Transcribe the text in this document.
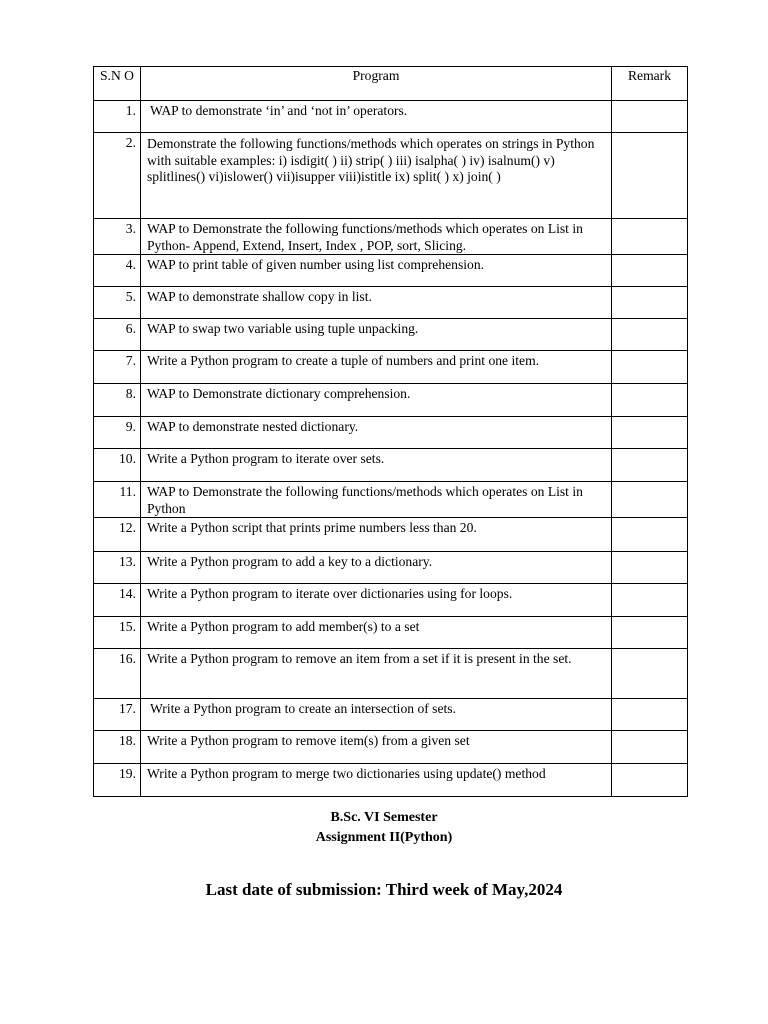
S.N O	Program	Remark
1.	WAP to demonstrate ‘in’ and ‘not in’ operators.	
2.	Demonstrate the following functions/methods which operates on strings in Python with suitable examples: i) isdigit( ) ii) strip( ) iii) isalpha( ) iv) isalnum() v) splitlines() vi)islower() vii)isupper viii)istitle ix) split( ) x) join( )	
3.	WAP to Demonstrate the following functions/methods which operates on List in Python- Append, Extend, Insert, Index , POP, sort, Slicing.	
4.	WAP to print table of given number using list comprehension.	
5.	WAP to demonstrate shallow copy in list.	
6.	WAP to swap two variable using tuple unpacking.	
7.	Write a Python program to create a tuple of numbers and print one item.	
8.	WAP to Demonstrate dictionary comprehension.	
9.	WAP to demonstrate nested dictionary.	
10.	Write a Python program to iterate over sets.	
11.	WAP to Demonstrate the following functions/methods which operates on List in Python	
12.	Write a Python script that prints prime numbers less than 20.	
13.	Write a Python program to add a key to a dictionary.	
14.	Write a Python program to iterate over dictionaries using for loops.	
15.	Write a Python program to add member(s) to a set	
16.	Write a Python program to remove an item from a set if it is present in the set.	
17.	Write a Python program to create an intersection of sets.	
18.	Write a Python program to remove item(s) from a given set	
19.	Write a Python program to merge two dictionaries using update() method	
B.Sc. VI Semester
Assignment II(Python)
Last date of submission: Third week of May,2024
